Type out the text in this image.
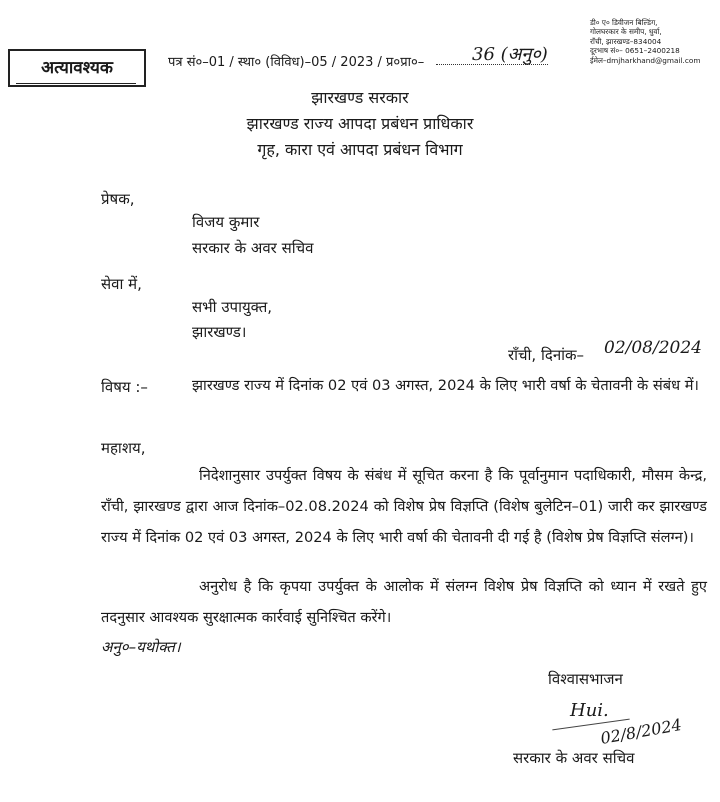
अत्यावश्यक	पत्र सं०–01 / स्था० (विविध)–05 / 2023 / प्र०प्रा०–	36 (अनु०)
डी० ए० डिवीजन बिल्डिंग,
गोलघरकार के समीप, धुर्वा,
राँची, झारखण्ड–834004
दूरभाष सं०– 0651–2400218
ईमेल–dmjharkhand@gmail.com
झारखण्ड सरकार
झारखण्ड राज्य आपदा प्रबंधन प्राधिकार
गृह, कारा एवं आपदा प्रबंधन विभाग
प्रेषक,
विजय कुमार
सरकार के अवर सचिव
सेवा में,
सभी उपायुक्त,
झारखण्ड।
राँची, दिनांक– 02/08/2024
विषय :–	झारखण्ड राज्य में दिनांक 02 एवं 03 अगस्त, 2024 के लिए भारी वर्षा के चेतावनी के संबंध में।
महाशय,
निदेशानुसार उपर्युक्त विषय के संबंध में सूचित करना है कि पूर्वानुमान पदाधिकारी, मौसम केन्द्र, राँची, झारखण्ड द्वारा आज दिनांक–02.08.2024 को विशेष प्रेष विज्ञप्ति (विशेष बुलेटिन–01) जारी कर झारखण्ड राज्य में दिनांक 02 एवं 03 अगस्त, 2024 के लिए भारी वर्षा की चेतावनी दी गई है (विशेष प्रेष विज्ञप्ति संलग्न)।
अनुरोध है कि कृपया उपर्युक्त के आलोक में संलग्न विशेष प्रेष विज्ञप्ति को ध्यान में रखते हुए तदनुसार आवश्यक सुरक्षात्मक कार्रवाई सुनिश्चित करेंगे।
अनु०–यथोक्त।
विश्वासभाजन
Hui.
02/8/2024
सरकार के अवर सचिव
